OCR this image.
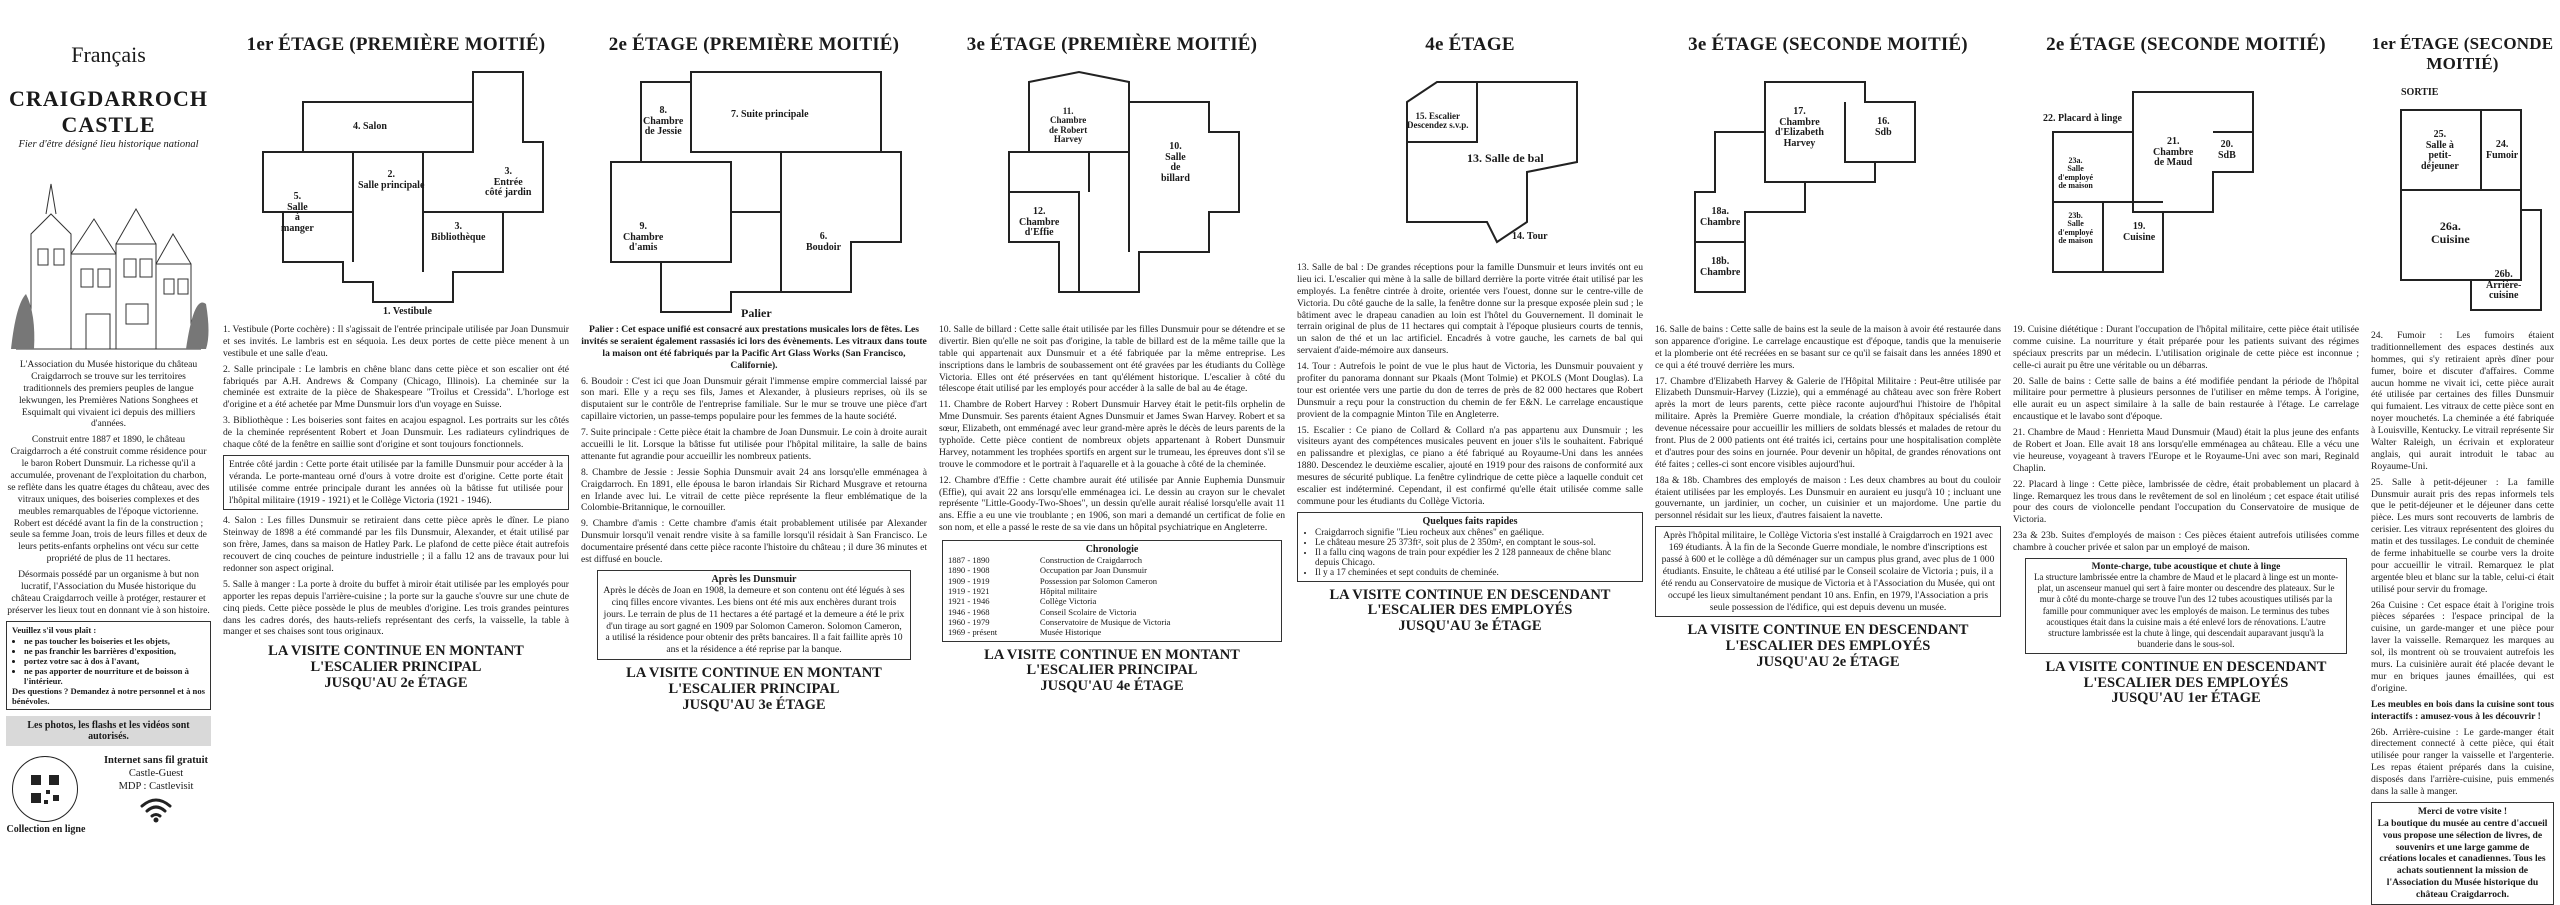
Français
CRAIGDARROCH CASTLE
Fier d'être désigné lieu historique national

L'Association du Musée historique du château Craigdarroch se trouve sur les territoires traditionnels des premiers peuples de langue lekwungen, les Premières Nations Songhees et Esquimalt qui vivaient ici depuis des milliers d'années.

Construit entre 1887 et 1890, le château Craigdarroch a été construit comme résidence pour le baron Robert Dunsmuir. La richesse qu'il a accumulée, provenant de l'exploitation du charbon, se reflète dans les quatre étages du château, avec des vitraux uniques, des boiseries complexes et des meubles remarquables de l'époque victorienne. Robert est décédé avant la fin de la construction ; seule sa femme Joan, trois de leurs filles et deux de leurs petits-enfants orphelins ont vécu sur cette propriété de plus de 11 hectares.

Désormais possédé par un organisme à but non lucratif, l'Association du Musée historique du château Craigdarroch veille à protéger, restaurer et préserver les lieux tout en donnant vie à son histoire.

Veuillez s'il vous plaît :
• ne pas toucher les boiseries et les objets,
• ne pas franchir les barrières d'exposition,
• portez votre sac à dos à l'avant,
• ne pas apporter de nourriture et de boisson à l'intérieur.
Des questions ? Demandez à notre personnel et à nos bénévoles.
Les photos, les flashs et les vidéos sont autorisés.
Collection en ligne
Internet sans fil gratuit
Castle-Guest
MDP : Castlevisit
1er ÉTAGE (PREMIÈRE MOITIÉ)
4. Salon
2.
Salle principale
3.
Entrée
côté jardin
5.
Salle
à
manger	3.
Bibliothèque
1. Vestibule

1. Vestibule (Porte cochère) : Il s'agissait de l'entrée principale utilisée par Joan Dunsmuir et ses invités. Le lambris est en séquoia. Les deux portes de cette pièce menent à un vestibule et une salle d'eau.

2. Salle principale : Le lambris en chêne blanc dans cette pièce et son escalier ont été fabriqués par A.H. Andrews & Company (Chicago, Illinois). La cheminée sur la cheminée est extraite de la pièce de Shakespeare "Troilus et Cressida". L'horloge est d'origine et a été achetée par Mme Dunsmuir lors d'un voyage en Suisse.

3. Bibliothèque : Les boiseries sont faites en acajou espagnol. Les portraits sur les côtés de la cheminée représentent Robert et Joan Dunsmuir. Les radiateurs cylindriques de chaque côté de la fenêtre en saillie sont d'origine et sont toujours fonctionnels.

Entrée côté jardin : Cette porte était utilisée par la famille Dunsmuir pour accéder à la véranda. Le porte-manteau orné d'ours à votre droite est d'origine. Cette porte était utilisée comme entrée principale durant les années où la bâtisse fut utilisée pour l'hôpital militaire (1919 - 1921) et le Collège Victoria (1921 - 1946).

4. Salon : Les filles Dunsmuir se retiraient dans cette pièce après le dîner. Le piano Steinway de 1898 a été commandé par les fils Dunsmuir, Alexander, et était utilisé par son frère, James, dans sa maison de Hatley Park. Le plafond de cette pièce était autrefois recouvert de cinq couches de peinture industrielle ; il a fallu 12 ans de travaux pour lui redonner son aspect original.

5. Salle à manger : La porte à droite du buffet à miroir était utilisée par les employés pour apporter les repas depuis l'arrière-cuisine ; la porte sur la gauche s'ouvre sur une chute de cinq pieds. Cette pièce possède le plus de meubles d'origine. Les trois grandes peintures dans les cadres dorés, des hauts-reliefs représentant des cerfs, la vaisselle, la table à manger et ses chaises sont tous originaux.

LA VISITE CONTINUE EN MONTANT
L'ESCALIER PRINCIPAL
JUSQU'AU 2e ÉTAGE
2e ÉTAGE (PREMIÈRE MOITIÉ)
8.
Chambre
de Jessie
7. Suite principale
9.
Chambre
d'amis
6.
Boudoir
Palier

Palier : Cet espace unifié est consacré aux prestations musicales lors de fêtes. Les invités se seraient également rassasiés ici lors des évènements. Les vitraux dans toute la maison ont été fabriqués par la Pacific Art Glass Works (San Francisco, Californie).

6. Boudoir : C'est ici que Joan Dunsmuir gérait l'immense empire commercial laissé par son mari. Elle y a reçu ses fils, James et Alexander, à plusieurs reprises, où ils se disputaient sur le contrôle de l'entreprise familiale. Sur le mur se trouve une pièce d'art capillaire victorien, un passe-temps populaire pour les femmes de la haute société.

7. Suite principale : Cette pièce était la chambre de Joan Dunsmuir. Le coin à droite aurait accueilli le lit. Lorsque la bâtisse fut utilisée pour l'hôpital militaire, la salle de bains attenante fut agrandie pour accueillir les nombreux patients.

8. Chambre de Jessie : Jessie Sophia Dunsmuir avait 24 ans lorsqu'elle emménagea à Craigdarroch. En 1891, elle épousa le baron irlandais Sir Richard Musgrave et retourna en Irlande avec lui. Le vitrail de cette pièce représente la fleur emblématique de la Colombie-Britannique, le cornouiller.

9. Chambre d'amis : Cette chambre d'amis était probablement utilisée par Alexander Dunsmuir lorsqu'il venait rendre visite à sa famille lorsqu'il résidait à San Francisco. Le documentaire présenté dans cette pièce raconte l'histoire du château ; il dure 36 minutes et est diffusé en boucle.

Après les Dunsmuir

Après le décès de Joan en 1908, la demeure et son contenu ont été légués à ses cinq filles encore vivantes. Les biens ont été mis aux enchères durant trois jours. Le terrain de plus de 11 hectares a été partagé et la demeure a été le prix d'un tirage au sort gagné en 1909 par Solomon Cameron. Solomon Cameron, a utilisé la résidence pour obtenir des prêts bancaires. Il a fait faillite après 10 ans et la résidence a été reprise par la banque.

LA VISITE CONTINUE EN MONTANT
L'ESCALIER PRINCIPAL
JUSQU'AU 3e ÉTAGE
3e ÉTAGE (PREMIÈRE MOITIÉ)
11.
Chambre
de Robert
Harvey
10.
Salle
de
billard
12.
Chambre
d'Effie

10. Salle de billard : Cette salle était utilisée par les filles Dunsmuir pour se détendre et se divertir. Bien qu'elle ne soit pas d'origine, la table de billard est de la même taille que la table qui appartenait aux Dunsmuir et a été fabriquée par la même entreprise. Les inscriptions dans le lambris de soubassement ont été gravées par les étudiants du Collège Victoria. Elles ont été préservées en tant qu'élément historique. L'escalier à côté du télescope était utilisé par les employés pour accéder à la salle de bal au 4e étage.

11. Chambre de Robert Harvey : Robert Dunsmuir Harvey était le petit-fils orphelin de Mme Dunsmuir. Ses parents étaient Agnes Dunsmuir et James Swan Harvey. Robert et sa sœur, Elizabeth, ont emménagé avec leur grand-mère après le décès de leurs parents de la typhoïde. Cette pièce contient de nombreux objets appartenant à Robert Dunsmuir Harvey, notamment les trophées sportifs en argent sur le trumeau, les épreuves dont s'il se trouve le commodore et le portrait à l'aquarelle et à la gouache à côté de la cheminée.

12. Chambre d'Effie : Cette chambre aurait été utilisée par Annie Euphemia Dunsmuir (Effie), qui avait 22 ans lorsqu'elle emménagea ici. Le dessin au crayon sur le chevalet représente "Little-Goody-Two-Shoes", un dessin qu'elle aurait réalisé lorsqu'elle avait 11 ans. Effie a eu une vie troublante ; en 1906, son mari a demandé un certificat de folie en son nom, et elle a passé le reste de sa vie dans un hôpital psychiatrique en Angleterre.

Chronologie
1887 - 1890	Construction de Craigdarroch
1890 - 1908	Occupation par Joan Dunsmuir
1909 - 1919	Possession par Solomon Cameron
1919 - 1921	Hôpital militaire
1921 - 1946	Collège Victoria
1946 - 1968	Conseil Scolaire de Victoria
1960 - 1979	Conservatoire de Musique de Victoria
1969 - présent	Musée Historique
LA VISITE CONTINUE EN MONTANT
L'ESCALIER PRINCIPAL
JUSQU'AU 4e ÉTAGE
4e ÉTAGE
15. Escalier
Descendez s.v.p.
13. Salle de bal
14. Tour

13. Salle de bal : De grandes réceptions pour la famille Dunsmuir et leurs invités ont eu lieu ici. L'escalier qui mène à la salle de billard derrière la porte vitrée était utilisé par les employés. La fenêtre cintrée à droite, orientée vers l'ouest, donne sur le centre-ville de Victoria. Du côté gauche de la salle, la fenêtre donne sur la presque exposée plein sud ; le bâtiment avec le drapeau canadien au loin est l'hôtel du Gouvernement. Il dominait le terrain original de plus de 11 hectares qui comptait à l'époque plusieurs courts de tennis, un salon de thé et un lac artificiel. Encadrés à votre gauche, les carnets de bal qui servaient d'aide-mémoire aux danseurs.

14. Tour : Autrefois le point de vue le plus haut de Victoria, les Dunsmuir pouvaient y profiter du panorama donnant sur Pkaals (Mont Tolmie) et PKOLS (Mont Douglas). La tour est orientée vers une partie du don de terres de près de 82 000 hectares que Robert Dunsmuir a reçu pour la construction du chemin de fer E&N. Le carrelage encaustique provient de la compagnie Minton Tile en Angleterre.

15. Escalier : Ce piano de Collard & Collard n'a pas appartenu aux Dunsmuir ; les visiteurs ayant des compétences musicales peuvent en jouer s'ils le souhaitent. Fabriqué en palissandre et plexiglas, ce piano a été fabriqué au Royaume-Uni dans les années 1880. Descendez le deuxième escalier, ajouté en 1919 pour des raisons de conformité aux mesures de sécurité publique. La fenêtre cylindrique de cette pièce a laquelle conduit cet escalier est indéterminé. Cependant, il est confirmé qu'elle était utilisée comme salle commune pour les étudiants du Collège Victoria.

Quelques faits rapides
• Craigdarroch signifie "Lieu rocheux aux chênes" en gaélique.
• Le château mesure 25 373ft², soit plus de 2 350m², en comptant le sous-sol.
• Il a fallu cinq wagons de train pour expédier les 2 128 panneaux de chêne blanc depuis Chicago.
• Il y a 17 cheminées et sept conduits de cheminée.
LA VISITE CONTINUE EN DESCENDANT
L'ESCALIER DES EMPLOYÉS
JUSQU'AU 3e ÉTAGE
3e ÉTAGE (SECONDE MOITIÉ)
17.
Chambre
d'Elizabeth
Harvey
16.
Sdb
18a.
Chambre
18b.
Chambre

16. Salle de bains : Cette salle de bains est la seule de la maison à avoir été restaurée dans son apparence d'origine. Le carrelage encaustique est d'époque, tandis que la menuiserie et la plomberie ont été recréées en se basant sur ce qu'il se faisait dans les années 1890 et ce qui a été trouvé derrière les murs.

17. Chambre d'Elizabeth Harvey & Galerie de l'Hôpital Militaire : Peut-être utilisée par Elizabeth Dunsmuir-Harvey (Lizzie), qui a emménagé au château avec son frère Robert après la mort de leurs parents, cette pièce raconte aujourd'hui l'histoire de l'hôpital militaire. Après la Première Guerre mondiale, la création d'hôpitaux spécialisés était devenue nécessaire pour accueillir les milliers de soldats blessés et malades de retour du front. Plus de 2 000 patients ont été traités ici, certains pour une hospitalisation complète et d'autres pour des soins en journée. Pour devenir un hôpital, de grandes rénovations ont été faites ; celles-ci sont encore visibles aujourd'hui.

18a & 18b. Chambres des employés de maison : Les deux chambres au bout du couloir étaient utilisées par les employés. Les Dunsmuir en auraient eu jusqu'à 10 ; incluant une gouvernante, un jardinier, un cocher, un cuisinier et un majordome. Une partie du personnel résidait sur les lieux, d'autres faisaient la navette.

Après l'hôpital militaire, le Collège Victoria s'est installé à Craigdarroch en 1921 avec 169 étudiants. À la fin de la Seconde Guerre mondiale, le nombre d'inscriptions est passé à 600 et le collège a dû déménager sur un campus plus grand, avec plus de 1 000 étudiants. Ensuite, le château a été utilisé par le Conseil scolaire de Victoria ; puis, il a été rendu au Conservatoire de musique de Victoria et à l'Association du Musée, qui ont occupé les lieux simultanément pendant 10 ans. Enfin, en 1979, l'Association a pris seule possession de l'édifice, qui est depuis devenu un musée.
LA VISITE CONTINUE EN DESCENDANT
L'ESCALIER DES EMPLOYÉS
JUSQU'AU 2e ÉTAGE
2e ÉTAGE (SECONDE MOITIÉ)
22. Placard à linge
21.
Chambre
de Maud
20.
SdB
23a.
Salle
d'employé
de maison
23b.
Salle
d'employé
de maison
19.
Cuisine

19. Cuisine diététique : Durant l'occupation de l'hôpital militaire, cette pièce était utilisée comme cuisine. La nourriture y était préparée pour les patients suivant des régimes spéciaux prescrits par un médecin. L'utilisation originale de cette pièce est inconnue ; celle-ci aurait pu être une véritable ou un débarras.

20. Salle de bains : Cette salle de bains a été modifiée pendant la période de l'hôpital militaire pour permettre à plusieurs personnes de l'utiliser en même temps. À l'origine, elle aurait eu un aspect similaire à la salle de bain restaurée à l'étage. Le carrelage encaustique et le lavabo sont d'époque.

21. Chambre de Maud : Henrietta Maud Dunsmuir (Maud) était la plus jeune des enfants de Robert et Joan. Elle avait 18 ans lorsqu'elle emménagea au château. Elle a vécu une vie heureuse, voyageant à travers l'Europe et le Royaume-Uni avec son mari, Reginald Chaplin.

22. Placard à linge : Cette pièce, lambrissée de cèdre, était probablement un placard à linge. Remarquez les trous dans le revêtement de sol en linoléum ; cet espace était utilisé pour des cours de violoncelle pendant l'occupation du Conservatoire de musique de Victoria.

23a & 23b. Suites d'employés de maison : Ces pièces étaient autrefois utilisées comme chambre à coucher privée et salon par un employé de maison.

Monte-charge, tube acoustique et chute à linge

La structure lambrissée entre la chambre de Maud et le placard à linge est un monte-plat, un ascenseur manuel qui sert à faire monter ou descendre des plateaux. Sur le mur à côté du monte-charge se trouve l'un des 12 tubes acoustiques utilisés par la famille pour communiquer avec les employés de maison. Le terminus des tubes acoustiques était dans la cuisine mais a été enlevé lors de rénovations. L'autre structure lambrissée est la chute à linge, qui descendait auparavant jusqu'à la buanderie dans le sous-sol.

LA VISITE CONTINUE EN DESCENDANT
L'ESCALIER DES EMPLOYÉS
JUSQU'AU 1er ÉTAGE
1er ÉTAGE (SECONDE MOITIÉ)
SORTIE
25.
Salle à
petit-
déjeuner
24.
Fumoir
26a.
Cuisine
26b.
Arrière-
cuisine

24. Fumoir : Les fumoirs étaient traditionnellement des espaces destinés aux hommes, qui s'y retiraient après dîner pour fumer, boire et discuter d'affaires. Comme aucun homme ne vivait ici, cette pièce aurait été utilisée par certaines des filles Dunsmuir qui fumaient. Les vitraux de cette pièce sont en noyer mouchetés. La cheminée a été fabriquée à Louisville, Kentucky. Le vitrail représente Sir Walter Raleigh, un écrivain et explorateur anglais, qui aurait introduit le tabac au Royaume-Uni.

25. Salle à petit-déjeuner : La famille Dunsmuir aurait pris des repas informels tels que le petit-déjeuner et le déjeuner dans cette pièce. Les murs sont recouverts de lambris de cerisier. Les vitraux représentent des gloires du matin et des tussilages. Le conduit de cheminée de ferme inhabituelle se courbe vers la droite pour accueillir le vitrail. Remarquez le plat argentée bleu et blanc sur la table, celui-ci était utilisé pour servir du fromage.

26a Cuisine : Cet espace était à l'origine trois pièces séparées : l'espace principal de la cuisine, un garde-manger et une pièce pour laver la vaisselle. Remarquez les marques au sol, ils montrent où se trouvaient autrefois les murs. La cuisinière aurait été placée devant le mur en briques jaunes émaillées, qui est d'origine.

Les meubles en bois dans la cuisine sont tous interactifs : amusez-vous à les découvrir !

26b. Arrière-cuisine : Le garde-manger était directement connecté à cette pièce, qui était utilisée pour ranger la vaisselle et l'argenterie. Les repas étaient préparés dans la cuisine, disposés dans l'arrière-cuisine, puis emmenés dans la salle à manger.

Merci de votre visite !
La boutique du musée au centre d'accueil vous propose une sélection de livres, de souvenirs et une large gamme de créations locales et canadiennes. Tous les achats soutiennent la mission de l'Association du Musée historique du château Craigdarroch.
